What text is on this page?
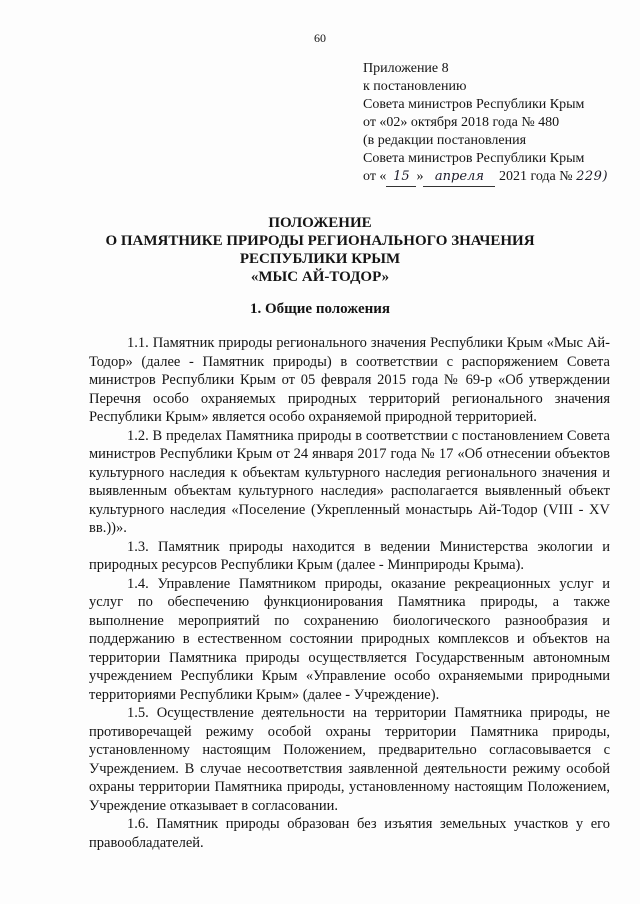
60
Приложение 8
к постановлению
Совета министров Республики Крым
от «02» октября 2018 года № 480
(в редакции постановления
Совета министров Республики Крым
от « 15 » апреля 2021 года № 229)
ПОЛОЖЕНИЕ
О ПАМЯТНИКЕ ПРИРОДЫ РЕГИОНАЛЬНОГО ЗНАЧЕНИЯ
РЕСПУБЛИКИ КРЫМ
«МЫС АЙ-ТОДОР»
1. Общие положения

1.1. Памятник природы регионального значения Республики Крым «Мыс Ай-Тодор» (далее - Памятник природы) в соответствии с распоряжением Совета министров Республики Крым от 05 февраля 2015 года № 69-р «Об утверждении Перечня особо охраняемых природных территорий регионального значения Республики Крым» является особо охраняемой природной территорией.

1.2. В пределах Памятника природы в соответствии с постановлением Совета министров Республики Крым от 24 января 2017 года № 17 «Об отнесении объектов культурного наследия к объектам культурного наследия регионального значения и выявленным объектам культурного наследия» располагается выявленный объект культурного наследия «Поселение (Укрепленный монастырь Ай-Тодор (VIII - XV вв.))».

1.3. Памятник природы находится в ведении Министерства экологии и природных ресурсов Республики Крым (далее - Минприроды Крыма).

1.4. Управление Памятником природы, оказание рекреационных услуг и услуг по обеспечению функционирования Памятника природы, а также выполнение мероприятий по сохранению биологического разнообразия и поддержанию в естественном состоянии природных комплексов и объектов на территории Памятника природы осуществляется Государственным автономным учреждением Республики Крым «Управление особо охраняемыми природными территориями Республики Крым» (далее - Учреждение).

1.5. Осуществление деятельности на территории Памятника природы, не противоречащей режиму особой охраны территории Памятника природы, установленному настоящим Положением, предварительно согласовывается с Учреждением. В случае несоответствия заявленной деятельности режиму особой охраны территории Памятника природы, установленному настоящим Положением, Учреждение отказывает в согласовании.

1.6. Памятник природы образован без изъятия земельных участков у его правообладателей.
